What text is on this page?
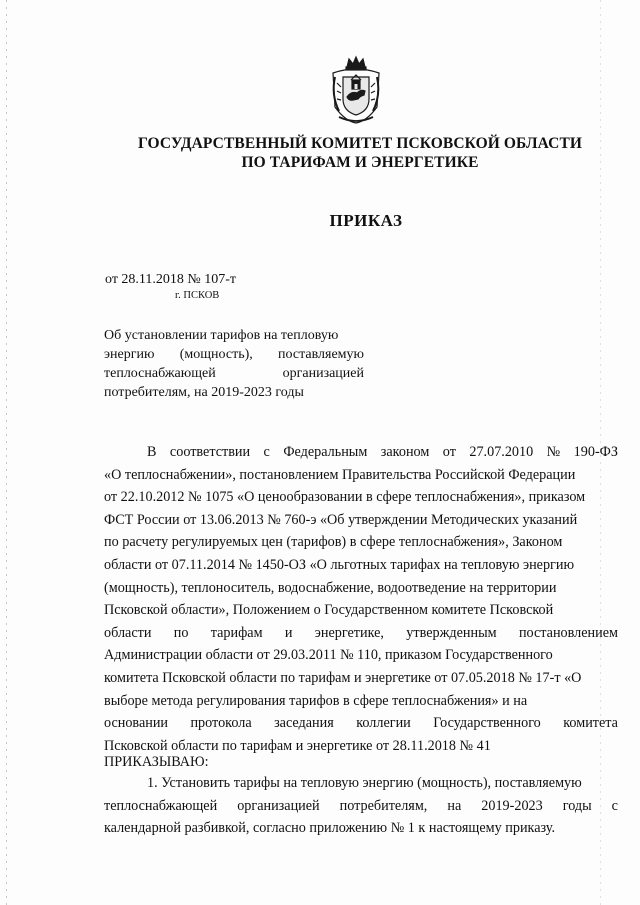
ГОСУДАРСТВЕННЫЙ КОМИТЕТ ПСКОВСКОЙ ОБЛАСТИ
ПО ТАРИФАМ И ЭНЕРГЕТИКЕ
ПРИКАЗ
от 28.11.2018 № 107-т
г. ПСКОВ
Об установлении тарифов на тепловую
энергию (мощность), поставляемую
теплоснабжающей	организацией
потребителям, на 2019-2023 годы
В соответствии с Федеральным законом от 27.07.2010 № 190-ФЗ
«О теплоснабжении», постановлением Правительства Российской Федерации
от 22.10.2012 № 1075 «О ценообразовании в сфере теплоснабжения», приказом
ФСТ России от 13.06.2013 № 760-э «Об утверждении Методических указаний
по расчету регулируемых цен (тарифов) в сфере теплоснабжения», Законом
области от 07.11.2014 № 1450-ОЗ «О льготных тарифах на тепловую энергию
(мощность), теплоноситель, водоснабжение, водоотведение на территории
Псковской области», Положением о Государственном комитете Псковской
области по тарифам и энергетике, утвержденным постановлением
Администрации области от 29.03.2011 № 110, приказом Государственного
комитета Псковской области по тарифам и энергетике от 07.05.2018 № 17-т «О
выборе метода регулирования тарифов в сфере теплоснабжения» и на
основании протокола заседания коллегии Государственного комитета
Псковской области по тарифам и энергетике от 28.11.2018 № 41
ПРИКАЗЫВАЮ:
1. Установить тарифы на тепловую энергию (мощность), поставляемую
теплоснабжающей организацией потребителям, на 2019-2023 годы с
календарной разбивкой, согласно приложению № 1 к настоящему приказу.
